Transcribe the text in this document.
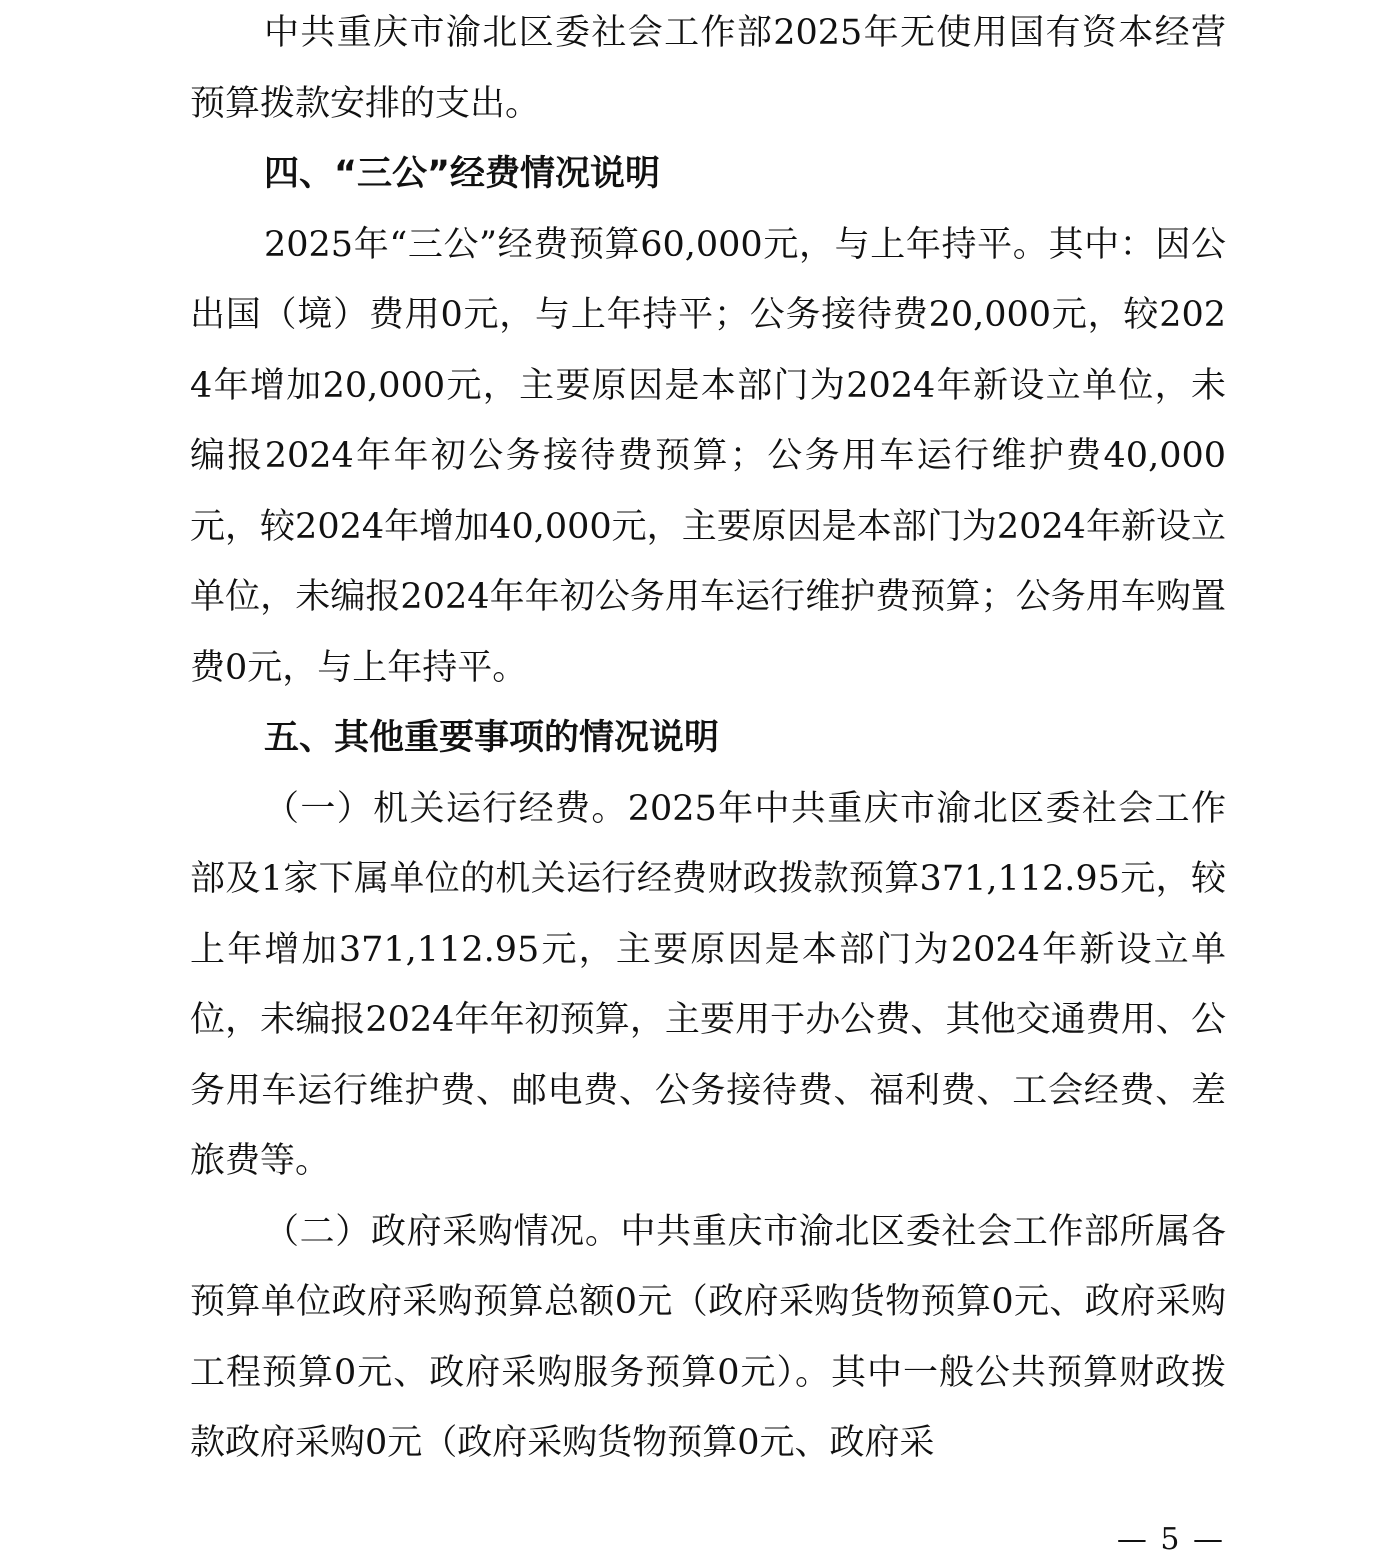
中共重庆市渝北区委社会工作部2025年无使用国有资本经营预算拨款安排的支出。

四、“三公”经费情况说明

2025年“三公”经费预算60,000元，与上年持平。其中：因公出国（境）费用0元，与上年持平；公务接待费20,000元，较2024年增加20,000元，主要原因是本部门为2024年新设立单位，未编报2024年年初公务接待费预算；公务用车运行维护费40,000元，较2024年增加40,000元，主要原因是本部门为2024年新设立单位，未编报2024年年初公务用车运行维护费预算；公务用车购置费0元，与上年持平。

五、其他重要事项的情况说明

（一）机关运行经费。2025年中共重庆市渝北区委社会工作部及1家下属单位的机关运行经费财政拨款预算371,112.95元，较上年增加371,112.95元，主要原因是本部门为2024年新设立单位，未编报2024年年初预算，主要用于办公费、其他交通费用、公务用车运行维护费、邮电费、公务接待费、福利费、工会经费、差旅费等。

（二）政府采购情况。中共重庆市渝北区委社会工作部所属各预算单位政府采购预算总额0元（政府采购货物预算0元、政府采购工程预算0元、政府采购服务预算0元）。其中一般公共预算财政拨款政府采购0元（政府采购货物预算0元、政府采

— 5 —
